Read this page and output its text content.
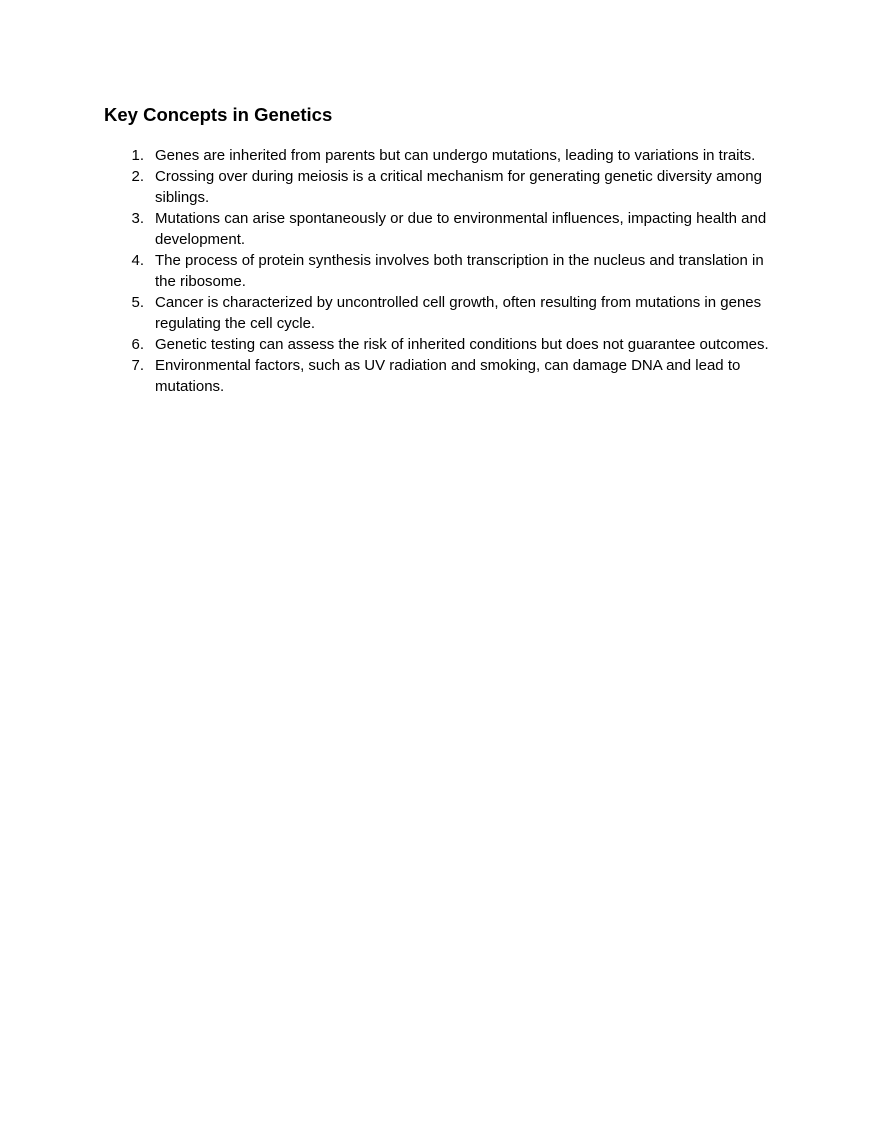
Key Concepts in Genetics
1. Genes are inherited from parents but can undergo mutations, leading to variations in traits.
2. Crossing over during meiosis is a critical mechanism for generating genetic diversity among siblings.
3. Mutations can arise spontaneously or due to environmental influences, impacting health and development.
4. The process of protein synthesis involves both transcription in the nucleus and translation in the ribosome.
5. Cancer is characterized by uncontrolled cell growth, often resulting from mutations in genes regulating the cell cycle.
6. Genetic testing can assess the risk of inherited conditions but does not guarantee outcomes.
7. Environmental factors, such as UV radiation and smoking, can damage DNA and lead to mutations.
